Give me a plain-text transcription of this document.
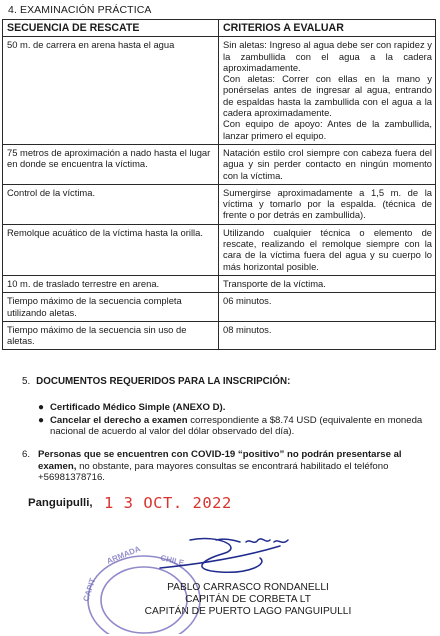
4. EXAMINACIÓN PRÁCTICA
SECUENCIA DE RESCATE	CRITERIOS A EVALUAR
50 m. de carrera en arena hasta el agua	Sin aletas: Ingreso al agua debe ser con rapidez y la zambullida con el agua a la cadera aproximadamente.

Con aletas: Correr con ellas en la mano y ponérselas antes de ingresar al agua, entrando de espaldas hasta la zambullida con el agua a la cadera aproximadamente.

Con equipo de apoyo: Antes de la zambullida, lanzar primero el equipo.

75 metros de aproximación a nado hasta el lugar en donde se encuentra la víctima.	Natación estilo crol siempre con cabeza fuera del agua y sin perder contacto en ningún momento con la víctima.

Control de la víctima.	Sumergirse aproximadamente a 1,5 m. de la víctima y tomarlo por la espalda. (técnica de frente o por detrás en zambullida).

Remolque acuático de la víctima hasta la orilla.	Utilizando cualquier técnica o elemento de rescate, realizando el remolque siempre con la cara de la víctima fuera del agua y su cuerpo lo más horizontal posible.

10 m. de traslado terrestre en arena.	Transporte de la víctima.

Tiempo máximo de la secuencia completa utilizando aletas.	06 minutos.

Tiempo máximo de la secuencia sin uso de aletas.	08 minutos.

5. DOCUMENTOS REQUERIDOS PARA LA INSCRIPCIÓN:
● Certificado Médico Simple (ANEXO D).
● Cancelar el derecho a examen correspondiente a $8.74 USD (equivalente en moneda nacional de acuerdo al valor del dólar observado del día).
6. Personas que se encuentren con COVID-19 “positivo” no podrán presentarse al examen, no obstante, para mayores consultas se encontrará habilitado el teléfono +56981378716.
Panguipulli, 1 3 OCT. 2022
ARMADA CHILE
CAPIT	PABLO CARRASCO RONDANELLI
CAPITÁN DE CORBETA LT
CAPITÁN DE PUERTO LAGO PANGUIPULLI
